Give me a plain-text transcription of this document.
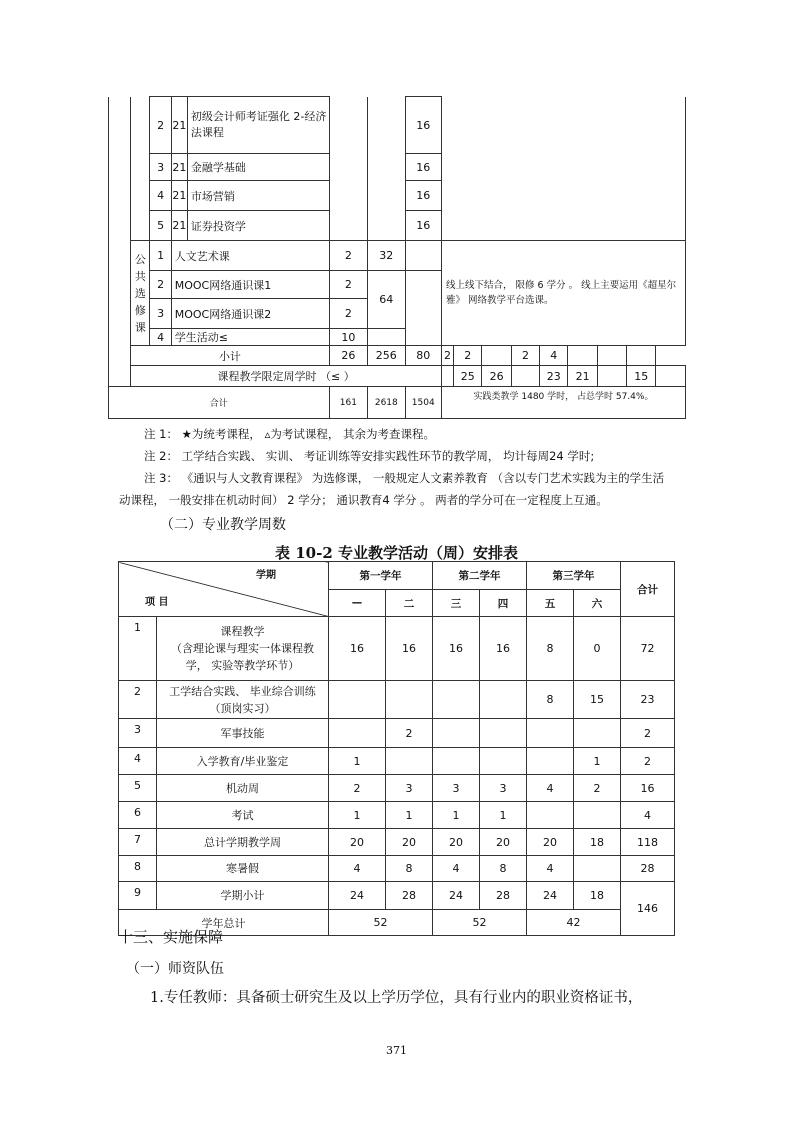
		2	21	初级会计师考证强化 2-经济法课程			16									
		3	21	金融学基础			16									
		4	21	市场营销			16									
		5	21	证券投资学			16									
	公共选修课	1	人文艺术课		2	32		线上线下结合， 限修 6 学分 。 线上主要运用《超星尔雅》 网络教学平台选课。								
		2	MOOC网络通识课1		2	64										
		3	MOOC网络通识课2		2											
		4	学生活动≤		10											
	小计				26	256	80	2	2		2	4				
	课程教学限定周学时 （≤ ）								25	26		23	21		15	
合计					161	2618	1504	实践类教学 1480 学时， 占总学时 57.4%。								
注 1： ★为统考课程， ▵为考试课程， 其余为考查课程。
注 2： 工学结合实践、 实训、 考证训练等安排实践性环节的教学周， 均计每周24 学时;
注 3： 《通识与人文教育课程》 为选修课， 一般规定人文素养教育 （含以专门艺术实践为主的学生活
动课程， 一般安排在机动时间） 2 学分； 通识教育4 学分 。 两者的学分可在一定程度上互通。
（二）专业教学周数
表 10-2 专业教学活动（周）安排表
学期
项 目		第一学年		第二学年		第三学年		合计
		—	二	三	四	五	六	
1	课程教学
（含理论课与理实一体课程教学， 实验等教学环节）	16	16	16	16	8	0	72
2	工学结合实践、 毕业综合训练
（顶岗实习）					8	15	23
3	军事技能		2					2
4	入学教育/毕业鉴定	1					1	2
5	机动周	2	3	3	3	4	2	16
6	考试	1	1	1	1			4
7	总计学期教学周	20	20	20	20	20	18	118
8	寒暑假	4	8	4	8	4		28
9	学期小计	24	28	24	28	24	18	146
学年总计		52		52		42		
十三、实施保障
（一）师资队伍
1.专任教师：具备硕士研究生及以上学历学位，具有行业内的职业资格证书，
371
